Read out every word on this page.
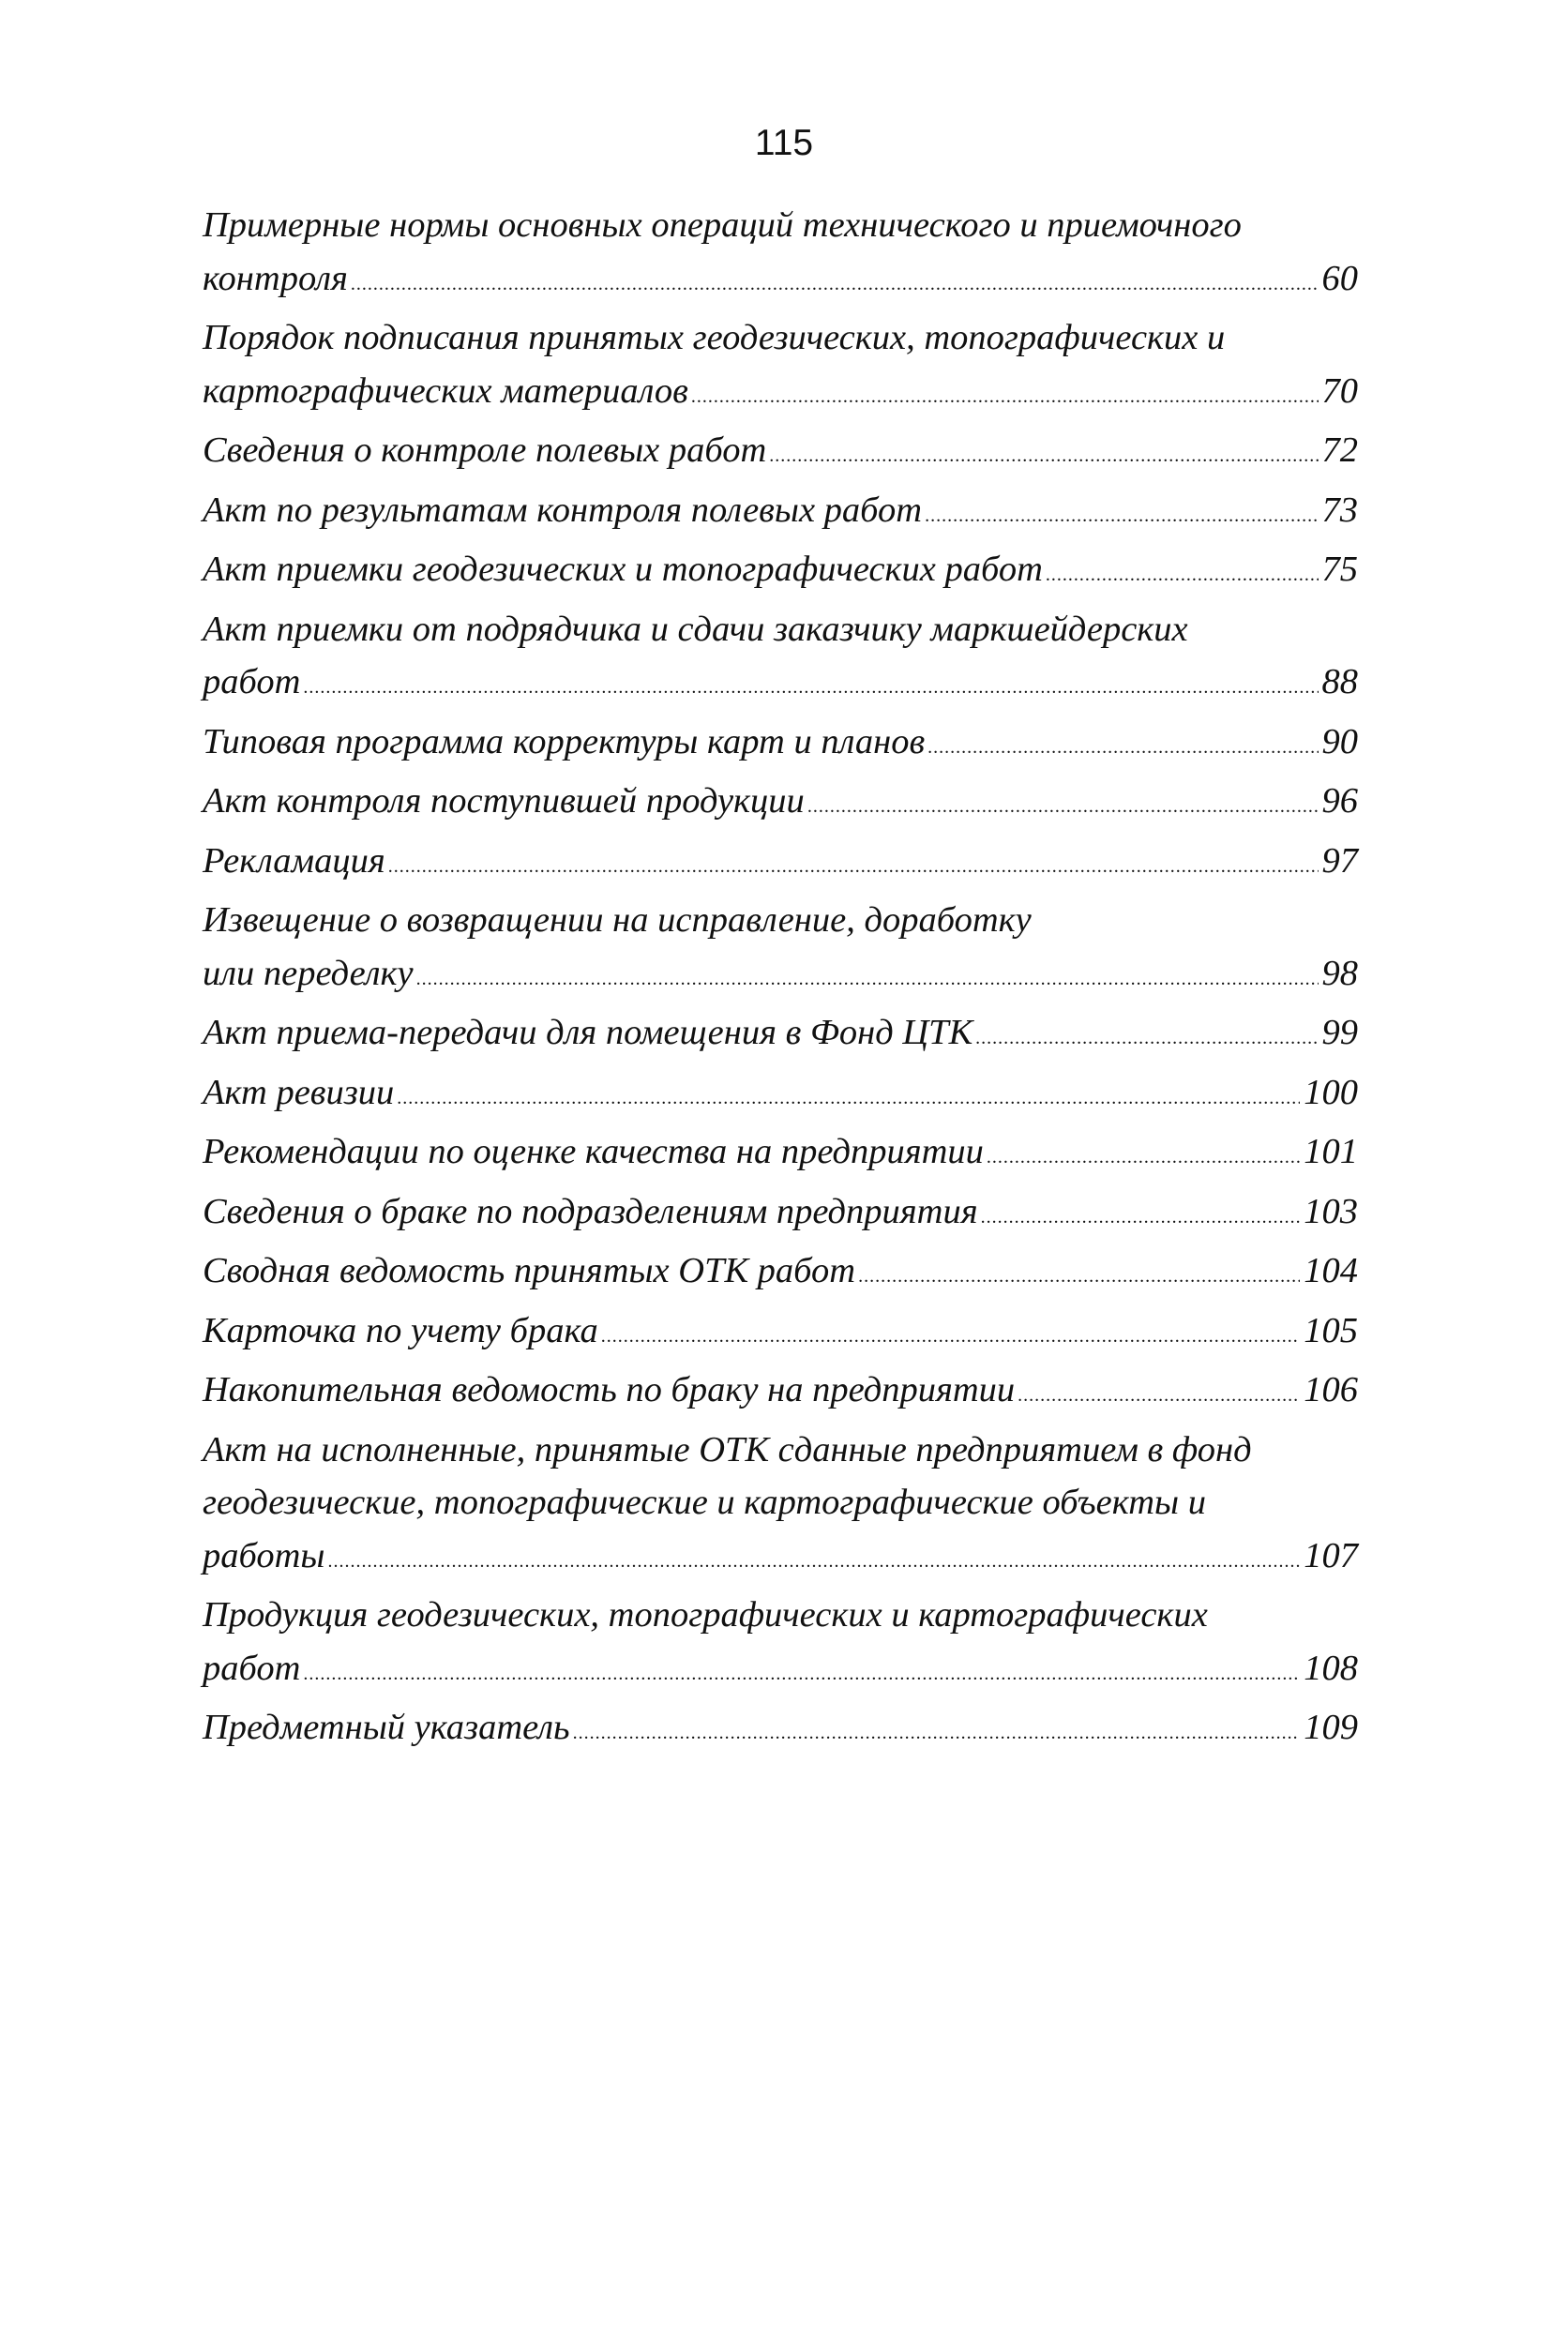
115
Примерные нормы основных операций технического и приемочного
контроля .....	60
Порядок подписания принятых геодезических, топографических и
картографических материалов .....	70
Сведения о контроле полевых работ .....	72
Акт по результатам контроля полевых работ .....	73
Акт приемки геодезических и топографических работ .....	75
Акт приемки от подрядчика и сдачи заказчику маркшейдерских
работ .....	88
Типовая программа корректуры карт и планов .....	90
Акт контроля поступившей продукции .....	96
Рекламация .....	97
Извещение о возвращении на исправление, доработку
или переделку .....	98
Акт приема-передачи для помещения в Фонд ЦТК .....	99
Акт ревизии .....	100
Рекомендации по оценке качества на предприятии .....	101
Сведения о браке по подразделениям предприятия .....	103
Сводная ведомость принятых ОТК работ .....	104
Карточка по учету брака .....	105
Накопительная ведомость по браку на предприятии .....	106
Акт на исполненные, принятые ОТК сданные предприятием в фонд
геодезические, топографические и картографические объекты и
работы .....	107
Продукция геодезических, топографических и картографических
работ .....	108
Предметный указатель .....	109
